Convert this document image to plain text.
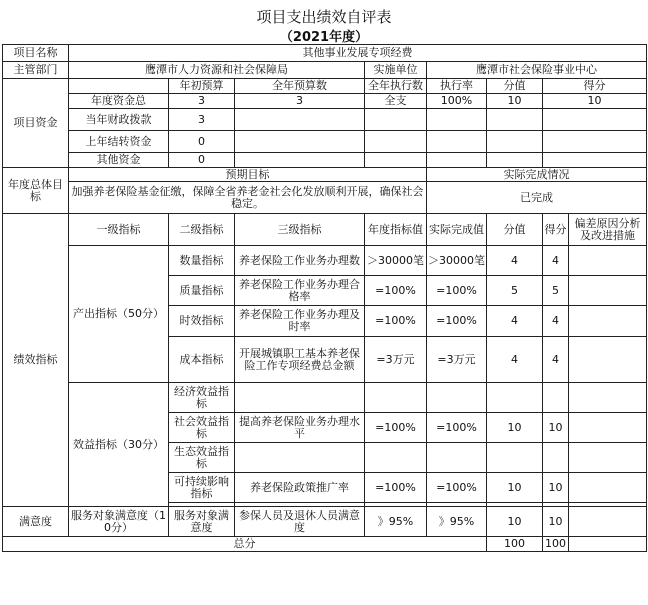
项目支出绩效自评表
（2021年度）
项目名称	其他事业发展专项经费							
主管部门	鹰潭市人力资源和社会保障局			实施单位	鹰潭市社会保险事业中心			
项目资金		年初预算	全年预算数	全年执行数	执行率	分值	得分	
	年度资金总	3	3	全支	100%	10	10	
	当年财政拨款	3						
	上年结转资金	0						
	其他资金	0						
年度总体目标	预期目标				实际完成情况			
	加强养老保险基金征缴，保障全省养老金社会化发放顺利开展，确保社会稳定。				已完成			
绩效指标	一级指标	二级指标	三级指标	年度指标值	实际完成值	分值	得分	偏差原因分析及改进措施
	产出指标（50分）	数量指标	养老保险工作业务办理数	＞30000笔	＞30000笔	4	4	
		质量指标	养老保险工作业务办理合格率	=100%	=100%	5	5	
		时效指标	养老保险工作业务办理及时率	=100%	=100%	4	4	
		成本指标	开展城镇职工基本养老保险工作专项经费总金额	=3万元	=3万元	4	4	
	效益指标（30分）	经济效益指标						
		社会效益指标	提高养老保险业务办理水平	=100%	=100%	10	10	
		生态效益指标						
		可持续影响指标	养老保险政策推广率	=100%	=100%	10	10	

满意度	服务对象满意度（10分）	服务对象满意度	参保人员及退休人员满意度	》95%	》95%	10	10	
总分						100	100	
